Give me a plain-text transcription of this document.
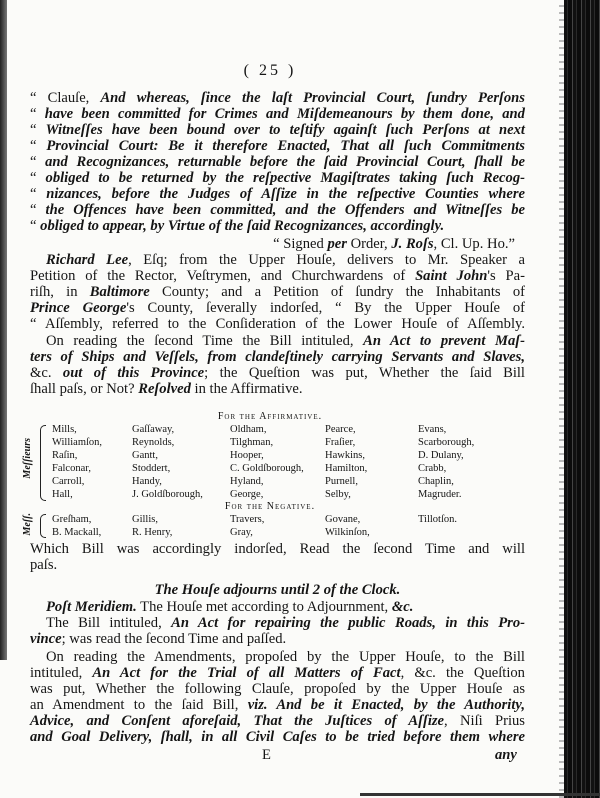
( 25 )
“ Clauſe, And whereas, ſince the laſt Provincial Court, ſundry Perſons
“ have been committed for Crimes and Miſdemeanours by them done, and
“ Witneſſes have been bound over to teſtify againſt ſuch Perſons at next
“ Provincial Court: Be it therefore Enacted, That all ſuch Commitments
“ and Recognizances, returnable before the ſaid Provincial Court, ſhall be
“ obliged to be returned by the reſpective Magiſtrates taking ſuch Recog-
“ nizances, before the Judges of Aſſize in the reſpective Counties where
“ the Offences have been committed, and the Offenders and Witneſſes be
“ obliged to appear, by Virtue of the ſaid Recognizances, accordingly.
“ Signed per Order, J. Roſs, Cl. Up. Ho.”
Richard Lee, Eſq; from the Upper Houſe, delivers to Mr. Speaker a
Petition of the Rector, Veſtrymen, and Churchwardens of Saint John's Pa-
riſh, in Baltimore County; and a Petition of ſundry the Inhabitants of
Prince George's County, ſeverally indorſed, “ By the Upper Houſe of
“ Aſſembly, referred to the Conſideration of the Lower Houſe of Aſſembly.
On reading the ſecond Time the Bill intituled, An Act to prevent Maſ-
ters of Ships and Veſſels, from clandeſtinely carrying Servants and Slaves,
&c. out of this Province; the Queſtion was put, Whether the ſaid Bill
ſhall paſs, or Not? Reſolved in the Affirmative.
For the Affirmative.
Meſſieurs
Mills,
Williamſon,
Raſin,
Falconar,
Carroll,
Hall,
Gaſſaway,
Reynolds,
Gantt,
Stoddert,
Handy,
J. Goldſborough,
Oldham,
Tilghman,
Hooper,
C. Goldſborough,
Hyland,
George,
Pearce,
Fraſier,
Hawkins,
Hamilton,
Purnell,
Selby,
Evans,
Scarborough,
D. Dulany,
Crabb,
Chaplin,
Magruder.
For the Negative.
Meſſ. Greſham,
B. Mackall,
Gillis,
R. Henry,
Travers,
Gray,
Govane,
Wilkinſon,
Tillotſon.
Which Bill was accordingly indorſed, Read the ſecond Time and will
paſs.
The Houſe adjourns until 2 of the Clock.
Poſt Meridiem. The Houſe met according to Adjournment, &c.
The Bill intituled, An Act for repairing the public Roads, in this Pro-
vince; was read the ſecond Time and paſſed.
On reading the Amendments, propoſed by the Upper Houſe, to the Bill
intituled, An Act for the Trial of all Matters of Fact, &c. the Queſtion
was put, Whether the following Clauſe, propoſed by the Upper Houſe as
an Amendment to the ſaid Bill, viz. And be it Enacted, by the Authority,
Advice, and Conſent aforeſaid, That the Juſtices of Aſſize, Niſi Prius
and Goal Delivery, ſhall, in all Civil Caſes to be tried before them where
E	any
